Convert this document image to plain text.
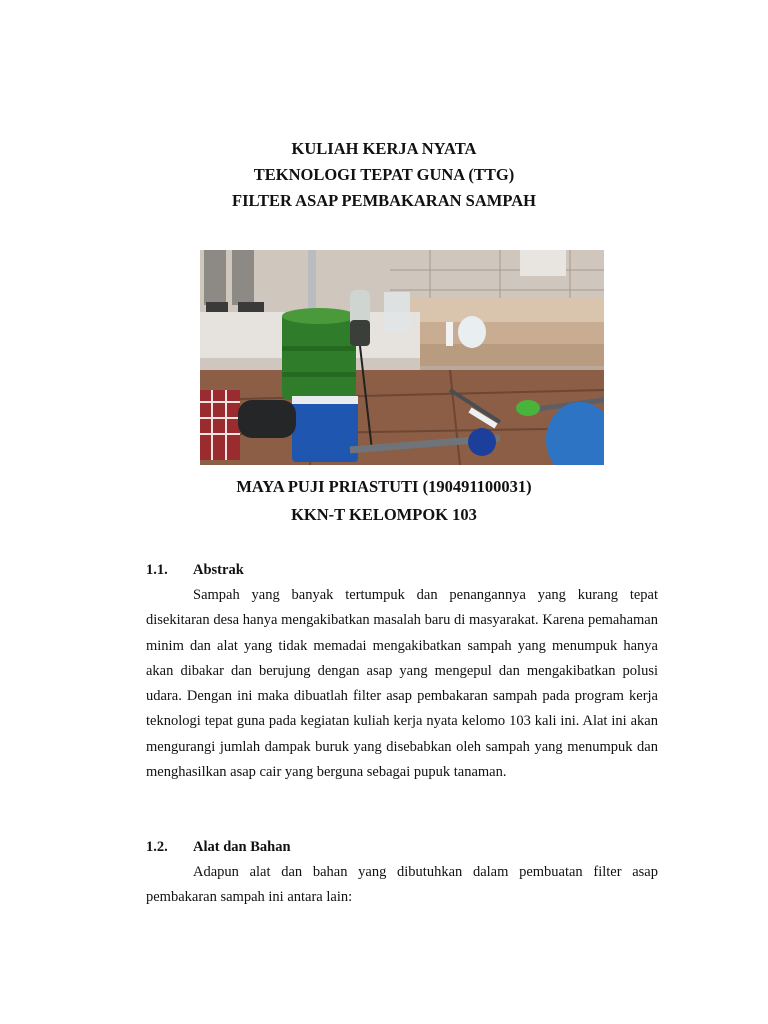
KULIAH KERJA NYATA
TEKNOLOGI TEPAT GUNA (TTG)
FILTER ASAP PEMBAKARAN SAMPAH
MAYA PUJI PRIASTUTI (190491100031)
KKN-T KELOMPOK 103
1.1. Abstrak
Sampah yang banyak tertumpuk dan penangannya yang kurang tepat disekitaran desa hanya mengakibatkan masalah baru di masyarakat. Karena pemahaman minim dan alat yang tidak memadai mengakibatkan sampah yang menumpuk hanya akan dibakar dan berujung dengan asap yang mengepul dan mengakibatkan polusi udara. Dengan ini maka dibuatlah filter asap pembakaran sampah pada program kerja teknologi tepat guna pada kegiatan kuliah kerja nyata kelomo 103 kali ini. Alat ini akan mengurangi jumlah dampak buruk yang disebabkan oleh sampah yang menumpuk dan menghasilkan asap cair yang berguna sebagai pupuk tanaman.
1.2. Alat dan Bahan
Adapun alat dan bahan yang dibutuhkan dalam pembuatan filter asap pembakaran sampah ini antara lain:
